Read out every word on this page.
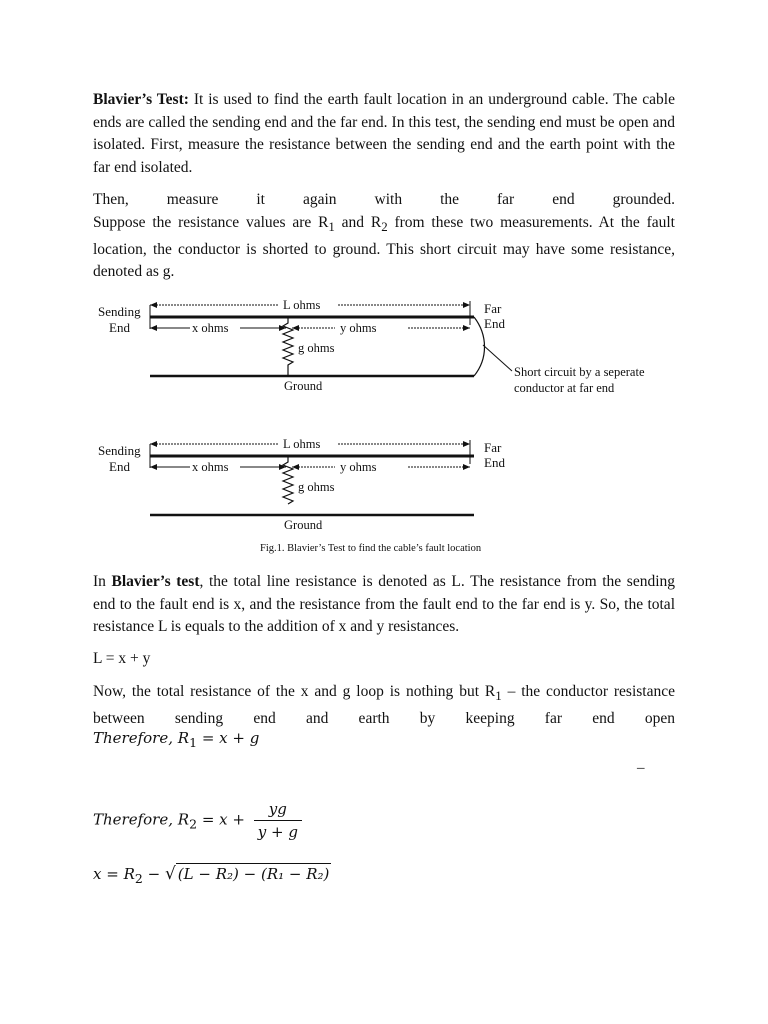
Blavier’s Test: It is used to find the earth fault location in an underground cable. The cable ends are called the sending end and the far end. In this test, the sending end must be open and isolated. First, measure the resistance between the sending end and the earth point with the far end isolated.

Then, measure it again with the far end grounded.

Suppose the resistance values are $R_1$ and $R_2$ from these two measurements. At the fault location, the conductor is shorted to ground. This short circuit may have some resistance, denoted as g.

Sending
End
Far
End
L ohms
x ohms	y ohms
g ohms
Ground
Short circuit by a seperate
conductor at far end
Sending
End
Far
End
L ohms
x ohms	y ohms
g ohms
Ground
Fig.1. Blavier’s Test to find the cable’s fault location

In Blavier’s test, the total line resistance is denoted as L. The resistance from the sending end to the fault end is x, and the resistance from the fault end to the far end is y. So, the total resistance L is equals to the addition of x and y resistances.

L = x + y

Now, the total resistance of the x and g loop is nothing but $R_1$ – the conductor resistance between sending end and earth by keeping far end open

Therefore, $R_1 = x + g$
–
Therefore, $R_2 = x + \frac{yg}{y + g}$
$x = R_2$ − √ (L − R₂) − (R₁ − R₂)
